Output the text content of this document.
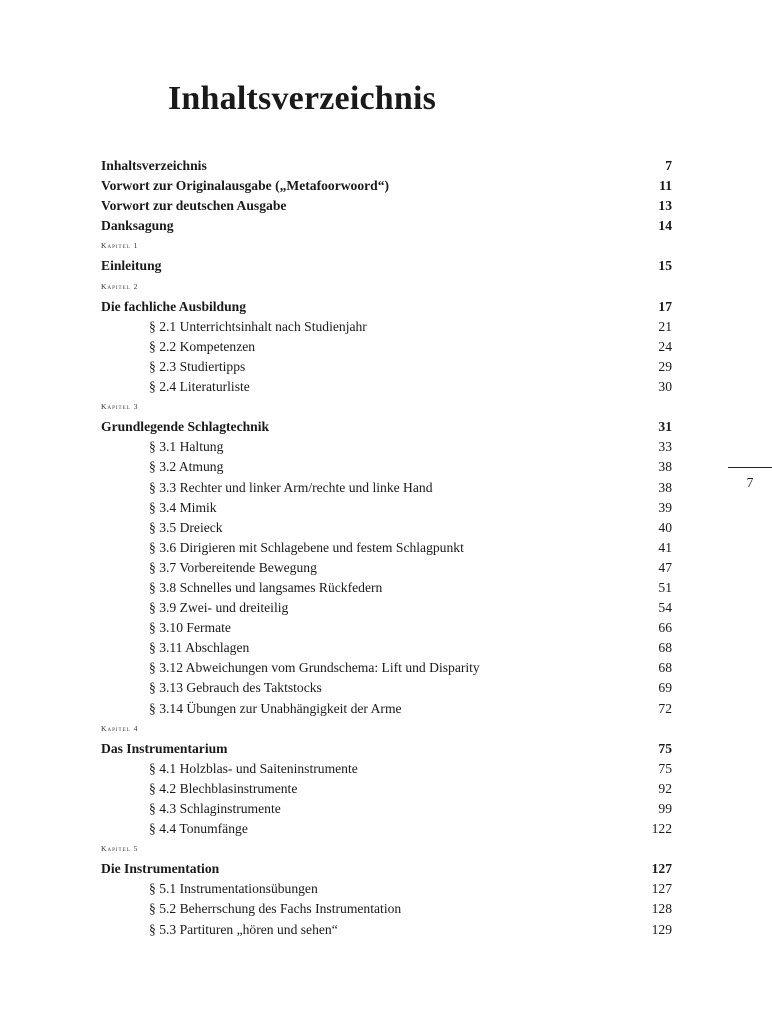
Inhaltsverzeichnis
Inhaltsverzeichnis	7
Vorwort zur Originalausgabe („Metafoorwoord“)	11
Vorwort zur deutschen Ausgabe	13
Danksagung	14
Kapitel 1
Einleitung	15
Kapitel 2
Die fachliche Ausbildung	17
§ 2.1 Unterrichtsinhalt nach Studienjahr	21
§ 2.2 Kompetenzen	24
§ 2.3 Studiertipps	29
§ 2.4 Literaturliste	30
Kapitel 3
Grundlegende Schlagtechnik	31
§ 3.1 Haltung	33
§ 3.2 Atmung	38
§ 3.3 Rechter und linker Arm/rechte und linke Hand	38
§ 3.4 Mimik	39
§ 3.5 Dreieck	40
§ 3.6 Dirigieren mit Schlagebene und festem Schlagpunkt	41
§ 3.7 Vorbereitende Bewegung	47
§ 3.8 Schnelles und langsames Rückfedern	51
§ 3.9 Zwei- und dreiteilig	54
§ 3.10 Fermate	66
§ 3.11 Abschlagen	68
§ 3.12 Abweichungen vom Grundschema: Lift und Disparity	68
§ 3.13 Gebrauch des Taktstocks	69
§ 3.14 Übungen zur Unabhängigkeit der Arme	72
Kapitel 4
Das Instrumentarium	75
§ 4.1 Holzblas- und Saiteninstrumente	75
§ 4.2 Blechblasinstrumente	92
§ 4.3 Schlaginstrumente	99
§ 4.4 Tonumfänge	122
Kapitel 5
Die Instrumentation	127
§ 5.1 Instrumentationsübungen	127
§ 5.2 Beherrschung des Fachs Instrumentation	128
§ 5.3 Partituren „hören und sehen“	129
7
